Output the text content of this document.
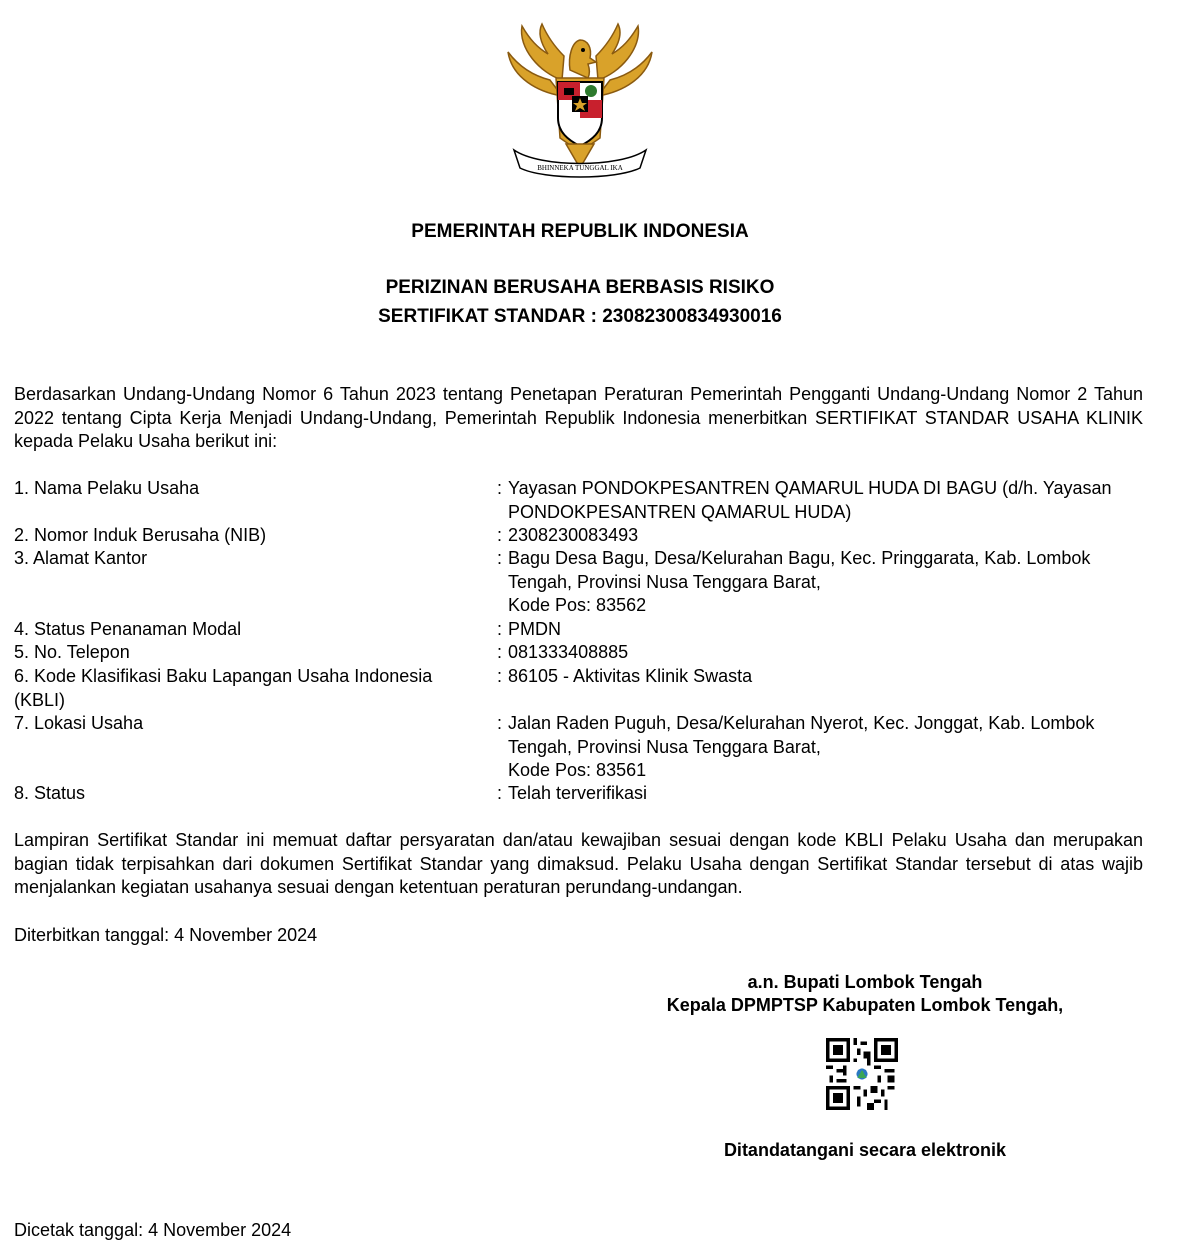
BHINNEKA TUNGGAL IKA
PEMERINTAH REPUBLIK INDONESIA
PERIZINAN BERUSAHA BERBASIS RISIKO
SERTIFIKAT STANDAR : 23082300834930016
Berdasarkan Undang-Undang Nomor 6 Tahun 2023 tentang Penetapan Peraturan Pemerintah Pengganti Undang-Undang Nomor 2 Tahun 2022 tentang Cipta Kerja Menjadi Undang-Undang, Pemerintah Republik Indonesia menerbitkan SERTIFIKAT STANDAR USAHA KLINIK kepada Pelaku Usaha berikut ini:
1. Nama Pelaku Usaha	: Yayasan PONDOKPESANTREN QAMARUL HUDA DI BAGU (d/h. Yayasan PONDOKPESANTREN QAMARUL HUDA)
2. Nomor Induk Berusaha (NIB)	: 2308230083493
3. Alamat Kantor	: Bagu Desa Bagu, Desa/Kelurahan Bagu, Kec. Pringgarata, Kab. Lombok Tengah, Provinsi Nusa Tenggara Barat,
Kode Pos: 83562
4. Status Penanaman Modal	: PMDN
5. No. Telepon	: 081333408885
6. Kode Klasifikasi Baku Lapangan Usaha Indonesia (KBLI)
: 86105 - Aktivitas Klinik Swasta
7. Lokasi Usaha	: Jalan Raden Puguh, Desa/Kelurahan Nyerot, Kec. Jonggat, Kab. Lombok Tengah, Provinsi Nusa Tenggara Barat,
Kode Pos: 83561
8. Status	: Telah terverifikasi
Lampiran Sertifikat Standar ini memuat daftar persyaratan dan/atau kewajiban sesuai dengan kode KBLI Pelaku Usaha dan merupakan bagian tidak terpisahkan dari dokumen Sertifikat Standar yang dimaksud. Pelaku Usaha dengan Sertifikat Standar tersebut di atas wajib menjalankan kegiatan usahanya sesuai dengan ketentuan peraturan perundang-undangan.
Diterbitkan tanggal: 4 November 2024
a.n. Bupati Lombok Tengah
Kepala DPMPTSP Kabupaten Lombok Tengah,
Ditandatangani secara elektronik
Dicetak tanggal: 4 November 2024
